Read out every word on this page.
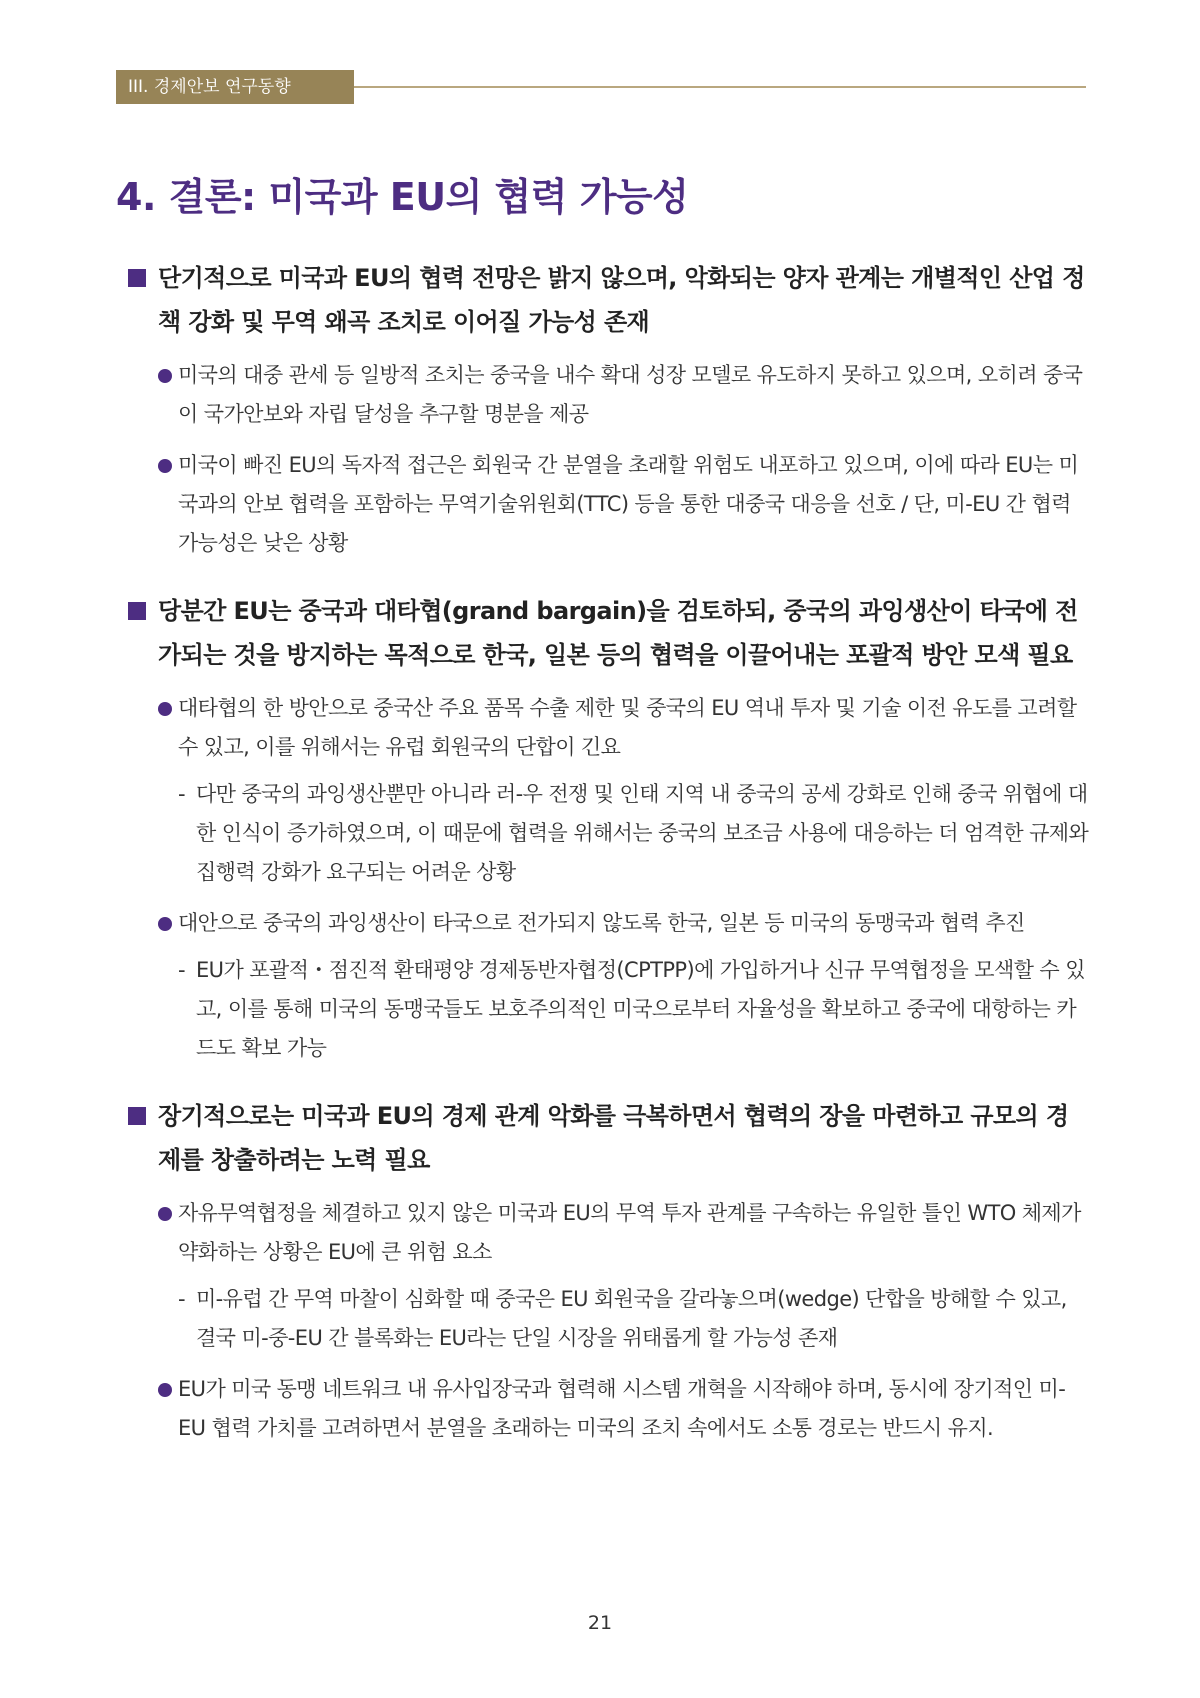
III. 경제안보 연구동향
4. 결론: 미국과 EU의 협력 가능성
단기적으로 미국과 EU의 협력 전망은 밝지 않으며, 악화되는 양자 관계는 개별적인 산업 정책 강화 및 무역 왜곡 조치로 이어질 가능성 존재
미국의 대중 관세 등 일방적 조치는 중국을 내수 확대 성장 모델로 유도하지 못하고 있으며, 오히려 중국이 국가안보와 자립 달성을 추구할 명분을 제공
미국이 빠진 EU의 독자적 접근은 회원국 간 분열을 초래할 위험도 내포하고 있으며, 이에 따라 EU는 미국과의 안보 협력을 포함하는 무역기술위원회(TTC) 등을 통한 대중국 대응을 선호 / 단, 미-EU 간 협력 가능성은 낮은 상황
당분간 EU는 중국과 대타협(grand bargain)을 검토하되, 중국의 과잉생산이 타국에 전가되는 것을 방지하는 목적으로 한국, 일본 등의 협력을 이끌어내는 포괄적 방안 모색 필요
대타협의 한 방안으로 중국산 주요 품목 수출 제한 및 중국의 EU 역내 투자 및 기술 이전 유도를 고려할 수 있고, 이를 위해서는 유럽 회원국의 단합이 긴요
- 다만 중국의 과잉생산뿐만 아니라 러-우 전쟁 및 인태 지역 내 중국의 공세 강화로 인해 중국 위협에 대한 인식이 증가하였으며, 이 때문에 협력을 위해서는 중국의 보조금 사용에 대응하는 더 엄격한 규제와 집행력 강화가 요구되는 어려운 상황
대안으로 중국의 과잉생산이 타국으로 전가되지 않도록 한국, 일본 등 미국의 동맹국과 협력 추진
- EU가 포괄적・점진적 환태평양 경제동반자협정(CPTPP)에 가입하거나 신규 무역협정을 모색할 수 있고, 이를 통해 미국의 동맹국들도 보호주의적인 미국으로부터 자율성을 확보하고 중국에 대항하는 카드도 확보 가능
장기적으로는 미국과 EU의 경제 관계 악화를 극복하면서 협력의 장을 마련하고 규모의 경제를 창출하려는 노력 필요
자유무역협정을 체결하고 있지 않은 미국과 EU의 무역 투자 관계를 구속하는 유일한 틀인 WTO 체제가 약화하는 상황은 EU에 큰 위험 요소
- 미-유럽 간 무역 마찰이 심화할 때 중국은 EU 회원국을 갈라놓으며(wedge) 단합을 방해할 수 있고, 결국 미-중-EU 간 블록화는 EU라는 단일 시장을 위태롭게 할 가능성 존재
EU가 미국 동맹 네트워크 내 유사입장국과 협력해 시스템 개혁을 시작해야 하며, 동시에 장기적인 미-EU 협력 가치를 고려하면서 분열을 초래하는 미국의 조치 속에서도 소통 경로는 반드시 유지.
21
